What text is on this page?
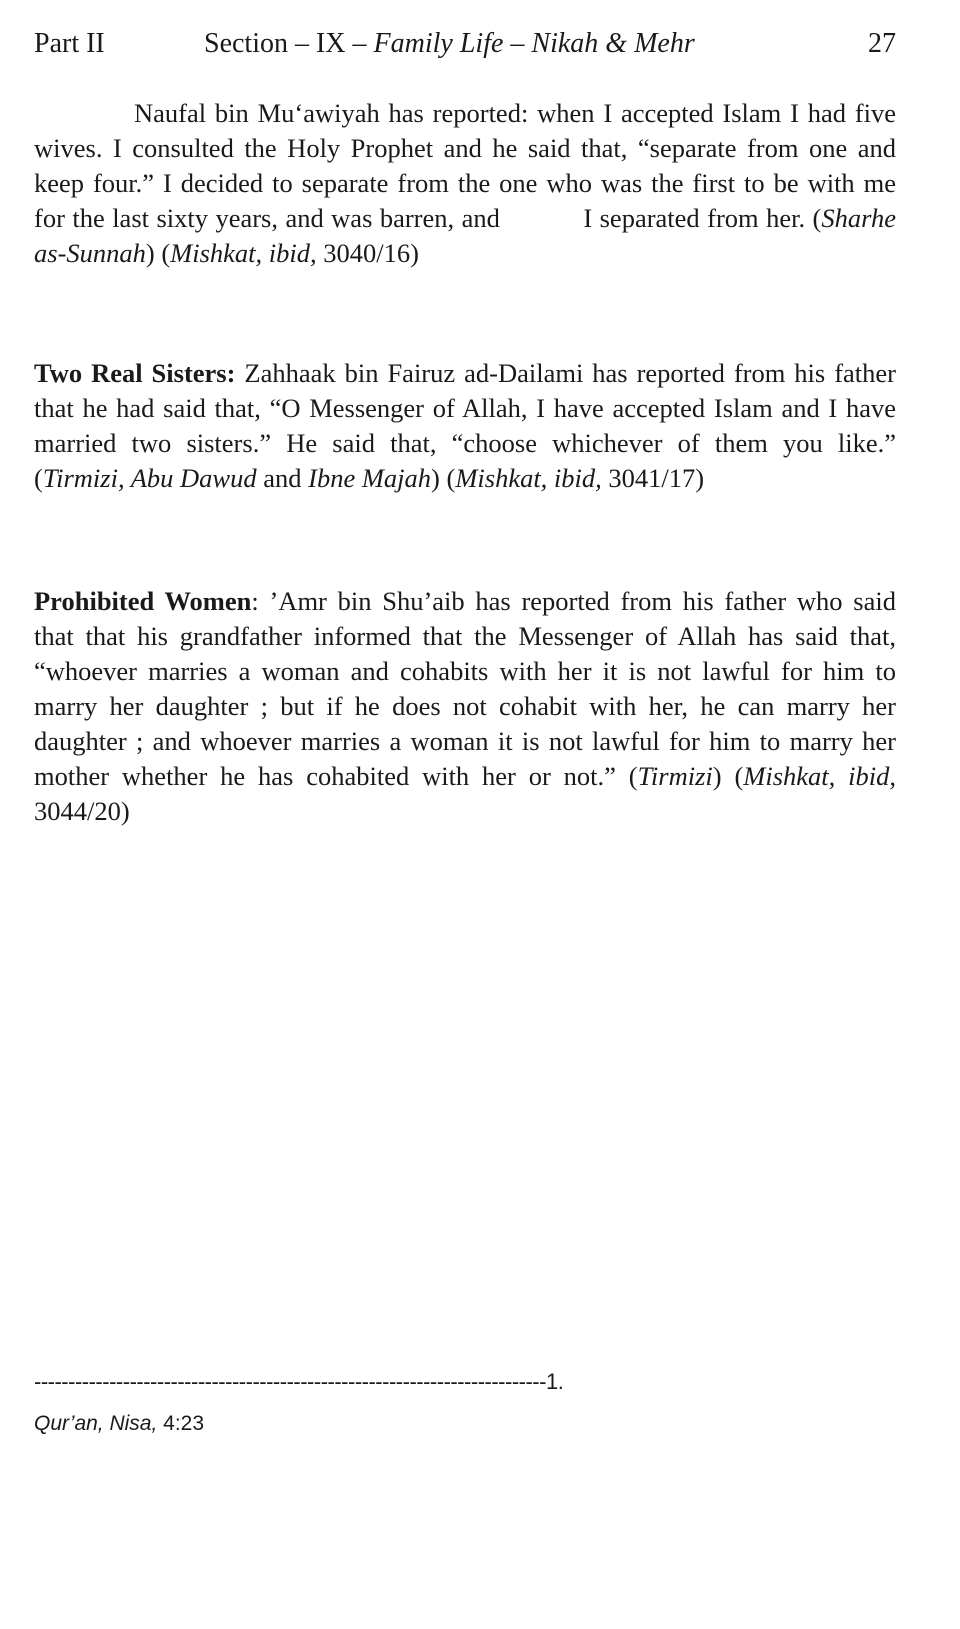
Part II	Section – IX – Family Life – Nikah & Mehr	27
Naufal bin Mu‘awiyah has reported: when I accepted Islam I had five wives. I consulted the Holy Prophet and he said that, “separate from one and keep four.” I decided to separate from the one who was the first to be with me for the last sixty years, and was barren, and	I separated from her. (Sharhe as-Sunnah) (Mishkat, ibid, 3040/16)
Two Real Sisters: Zahhaak bin Fairuz ad-Dailami has reported from his father that he had said that, “O Messenger of Allah, I have accepted Islam and I have married two sisters.” He said that, “choose whichever of them you like.” (Tirmizi, Abu Dawud and Ibne Majah) (Mishkat, ibid, 3041/17)
Prohibited Women: ’Amr bin Shu’aib has reported from his father who said that that his grandfather informed that the Messenger of Allah has said that, “whoever marries a woman and cohabits with her it is not lawful for him to marry her daughter ; but if he does not cohabit with her, he can marry her daughter ; and whoever marries a woman it is not lawful for him to marry her mother whether he has cohabited with her or not.” (Tirmizi) (Mishkat, ibid, 3044/20)
---------------------------------------------------------------------------1.
Qur’an, Nisa, 4:23
